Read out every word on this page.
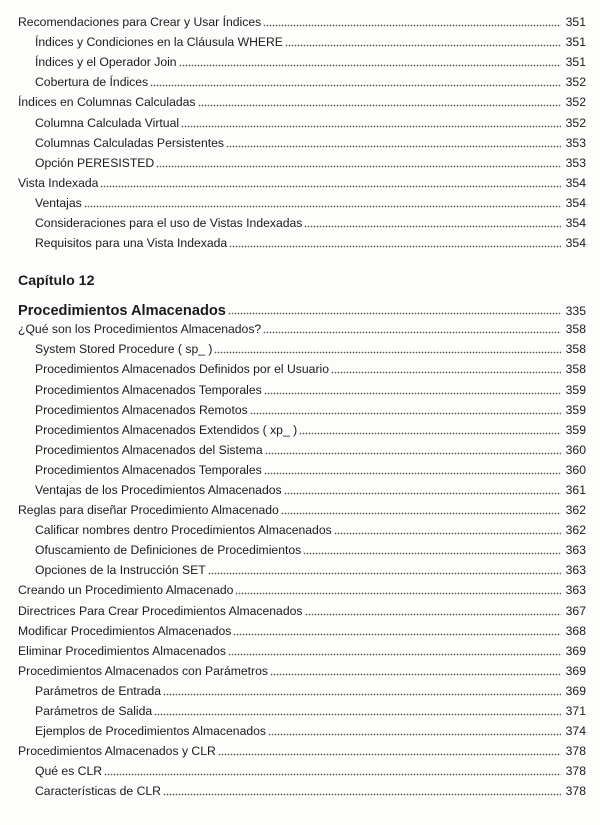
Recomendaciones para Crear y Usar Índices	351
Índices y Condiciones en la Cláusula WHERE	351
Índices y el Operador Join	351
Cobertura de Índices	352
Índices en Columnas Calculadas	352
Columna Calculada Virtual	352
Columnas Calculadas Persistentes	353
Opción PERESISTED	353
Vista Indexada	354
Ventajas	354
Consideraciones para el uso de Vistas Indexadas	354
Requisitos para una Vista Indexada	354
Capítulo 12
Procedimientos Almacenados	335
¿Qué son los Procedimientos Almacenados?	358
System Stored Procedure ( sp_ )	358
Procedimientos Almacenados Definidos por el Usuario	358
Procedimientos Almacenados Temporales	359
Procedimientos Almacenados Remotos	359
Procedimientos Almacenados Extendidos ( xp_ )	359
Procedimientos Almacenados del Sistema	360
Procedimientos Almacenados Temporales	360
Ventajas de los Procedimientos Almacenados	361
Reglas para diseñar Procedimiento Almacenado	362
Calificar nombres dentro Procedimientos Almacenados	362
Ofuscamiento de Definiciones de Procedimientos	363
Opciones de la Instrucción SET	363
Creando un Procedimiento Almacenado	363
Directrices Para Crear Procedimientos Almacenados	367
Modificar Procedimientos Almacenados	368
Eliminar Procedimientos Almacenados	369
Procedimientos Almacenados con Parámetros	369
Parámetros de Entrada	369
Parámetros de Salida	371
Ejemplos de Procedimientos Almacenados	374
Procedimientos Almacenados y CLR	378
Qué es CLR	378
Características de CLR	378
